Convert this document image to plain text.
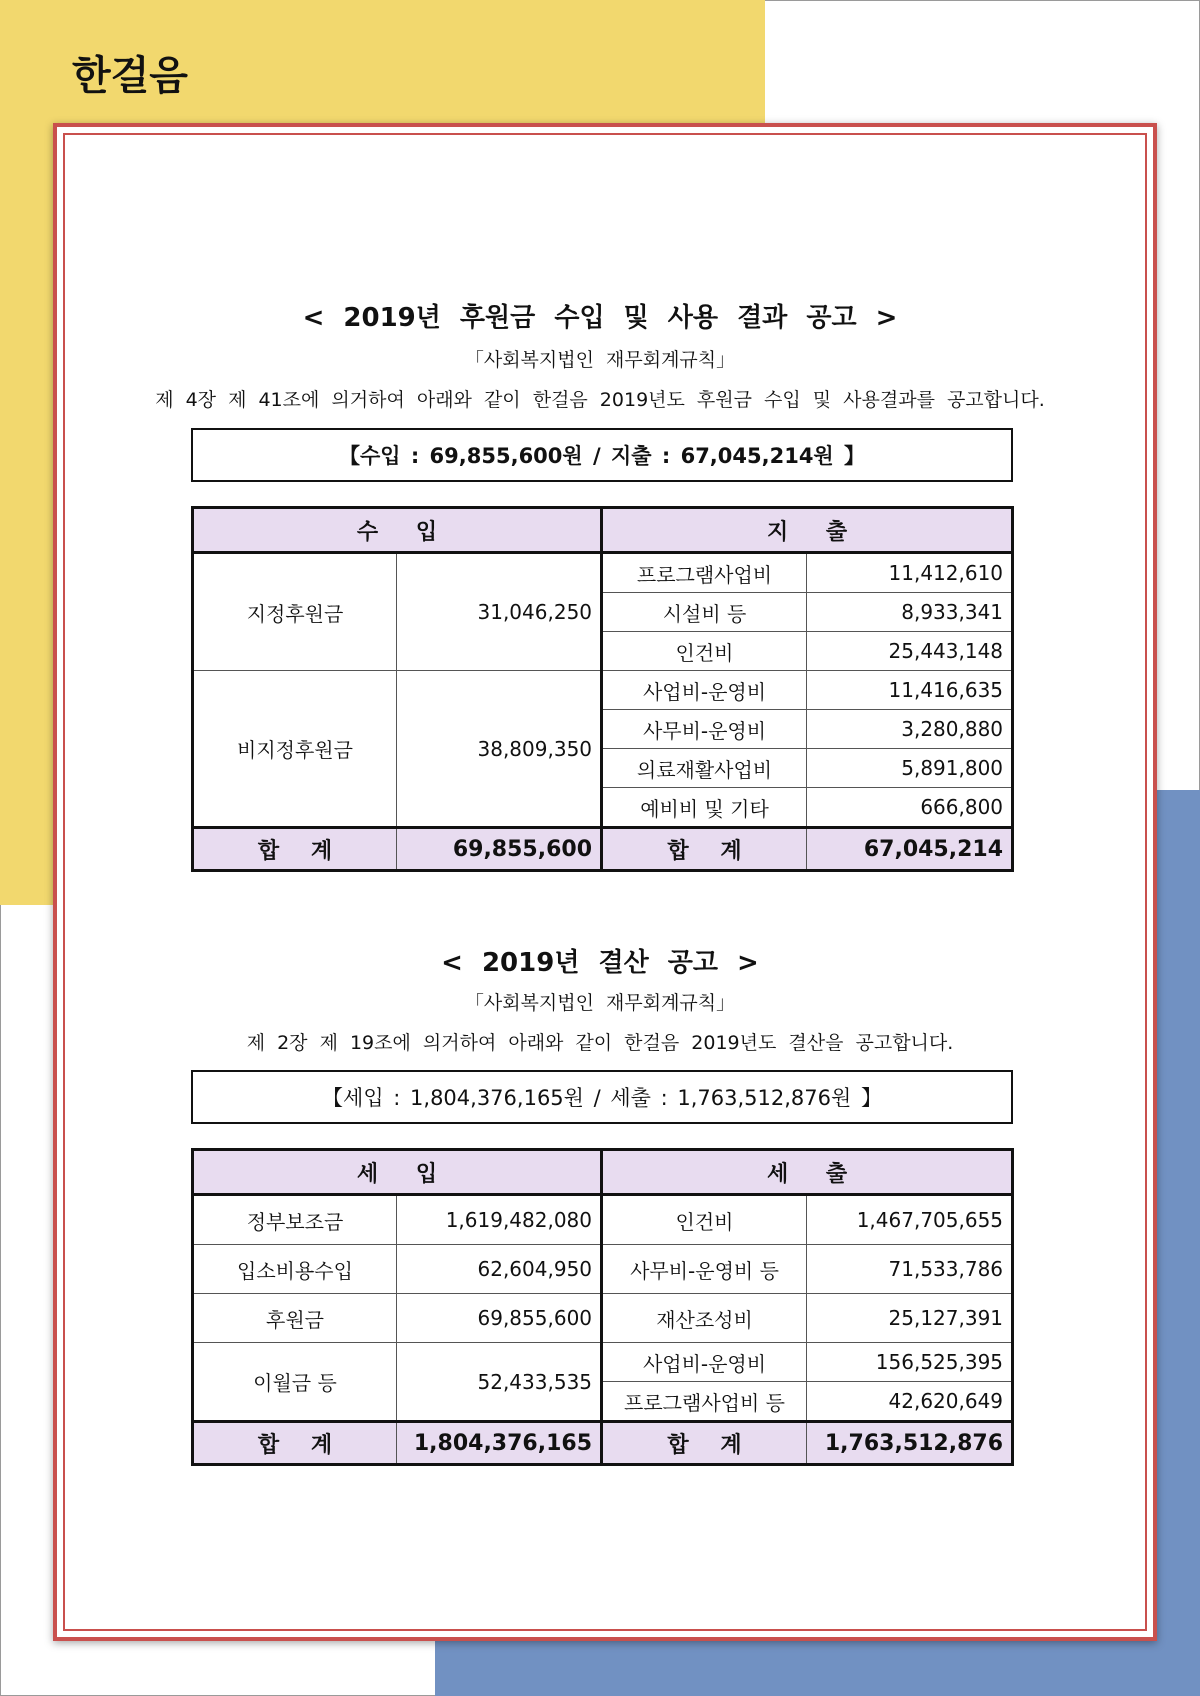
한걸음
< 2019년 후원금 수입 및 사용 결과 공고 >
「사회복지법인 재무회계규칙」
제 4장 제 41조에 의거하여 아래와 같이 한걸음 2019년도 후원금 수입 및 사용결과를 공고합니다.
【수입 : 69,855,600원 / 지출 : 67,045,214원 】
수 입		지 출	
지정후원금	31,046,250	프로그램사업비	11,412,610
		시설비 등	8,933,341
		인건비	25,443,148
비지정후원금	38,809,350	사업비-운영비	11,416,635
		사무비-운영비	3,280,880
		의료재활사업비	5,891,800
		예비비 및 기타	666,800
합 계	69,855,600	합 계	67,045,214
< 2019년 결산 공고 >
「사회복지법인 재무회계규칙」
제 2장 제 19조에 의거하여 아래와 같이 한걸음 2019년도 결산을 공고합니다.
【세입 : 1,804,376,165원 / 세출 : 1,763,512,876원 】
세 입		세 출	
정부보조금	1,619,482,080	인건비	1,467,705,655
입소비용수입	62,604,950	사무비-운영비 등	71,533,786
후원금	69,855,600	재산조성비	25,127,391
이월금 등	52,433,535	사업비-운영비	156,525,395
		프로그램사업비 등	42,620,649
합 계	1,804,376,165	합 계	1,763,512,876
